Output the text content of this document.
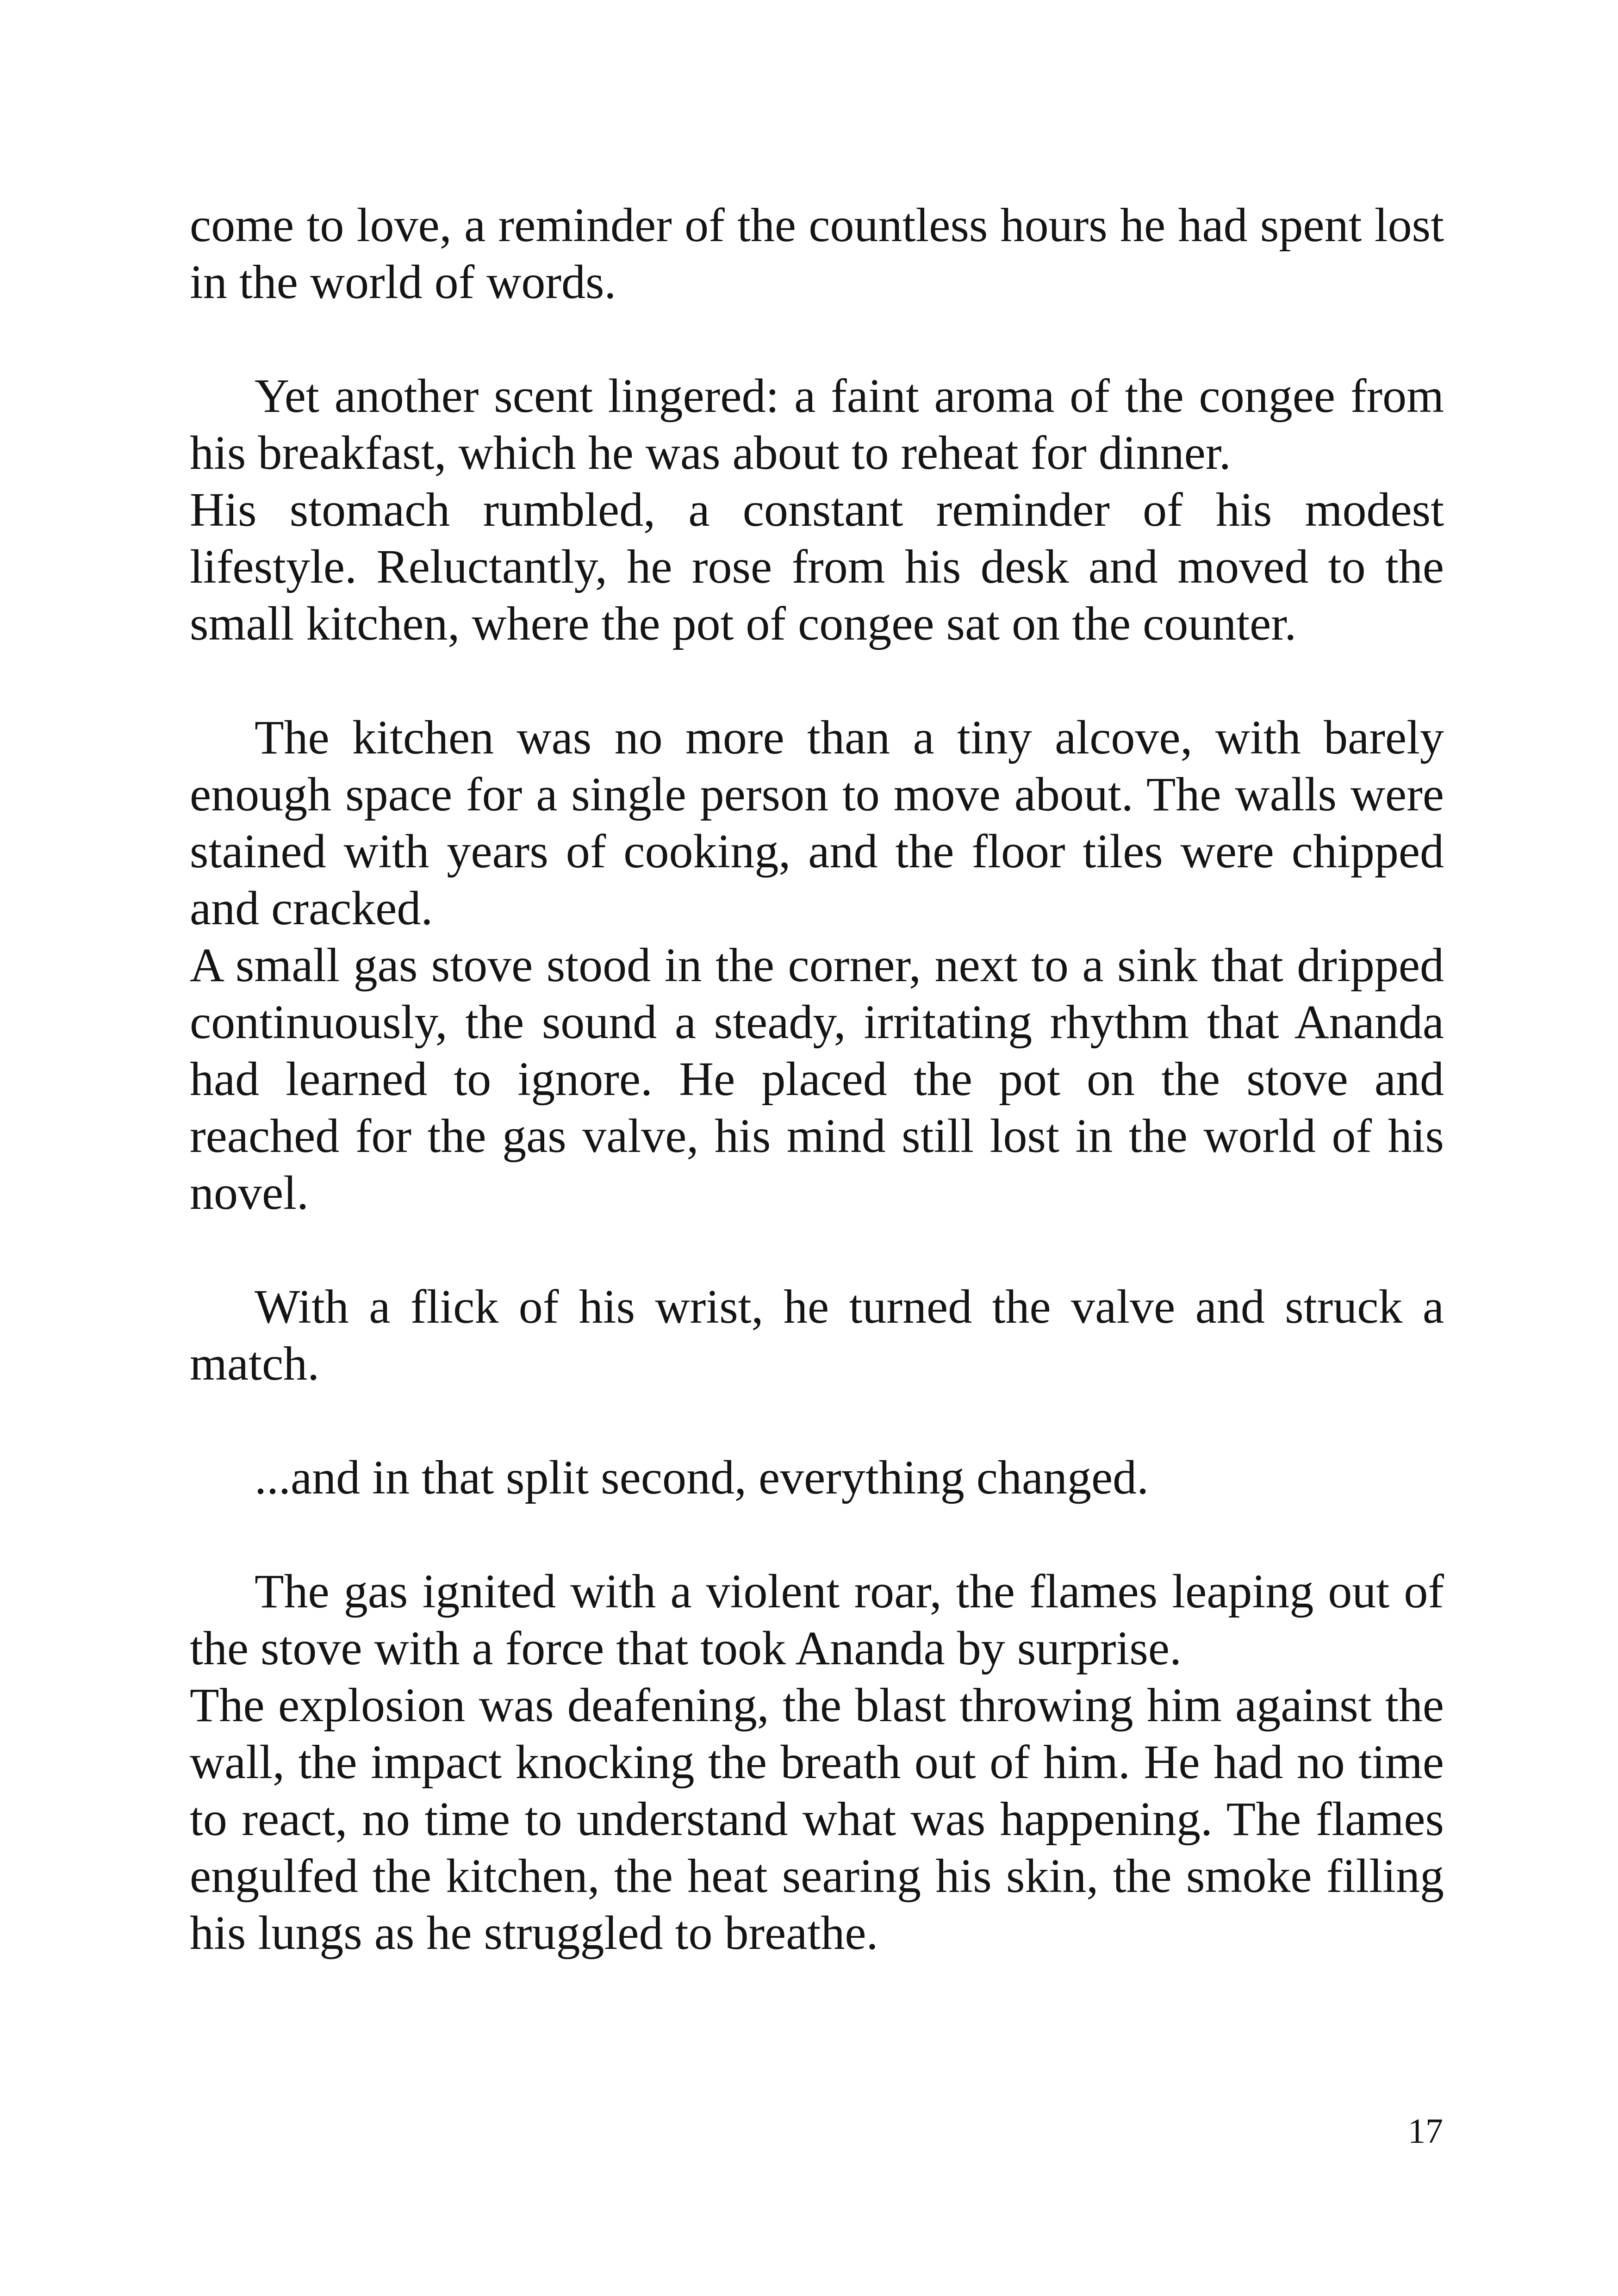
come to love, a reminder of the countless hours he had spent lost in the world of words.

Yet another scent lingered: a faint aroma of the congee from his breakfast, which he was about to reheat for dinner.

His stomach rumbled, a constant reminder of his modest lifestyle. Reluctantly, he rose from his desk and moved to the small kitchen, where the pot of congee sat on the counter.

The kitchen was no more than a tiny alcove, with barely enough space for a single person to move about. The walls were stained with years of cooking, and the floor tiles were chipped and cracked.

A small gas stove stood in the corner, next to a sink that dripped continuously, the sound a steady, irritating rhythm that Ananda had learned to ignore. He placed the pot on the stove and reached for the gas valve, his mind still lost in the world of his novel.

With a flick of his wrist, he turned the valve and struck a match.

...and in that split second, everything changed.

The gas ignited with a violent roar, the flames leaping out of the stove with a force that took Ananda by surprise.

The explosion was deafening, the blast throwing him against the wall, the impact knocking the breath out of him. He had no time to react, no time to understand what was happening. The flames engulfed the kitchen, the heat searing his skin, the smoke filling his lungs as he struggled to breathe.

17
